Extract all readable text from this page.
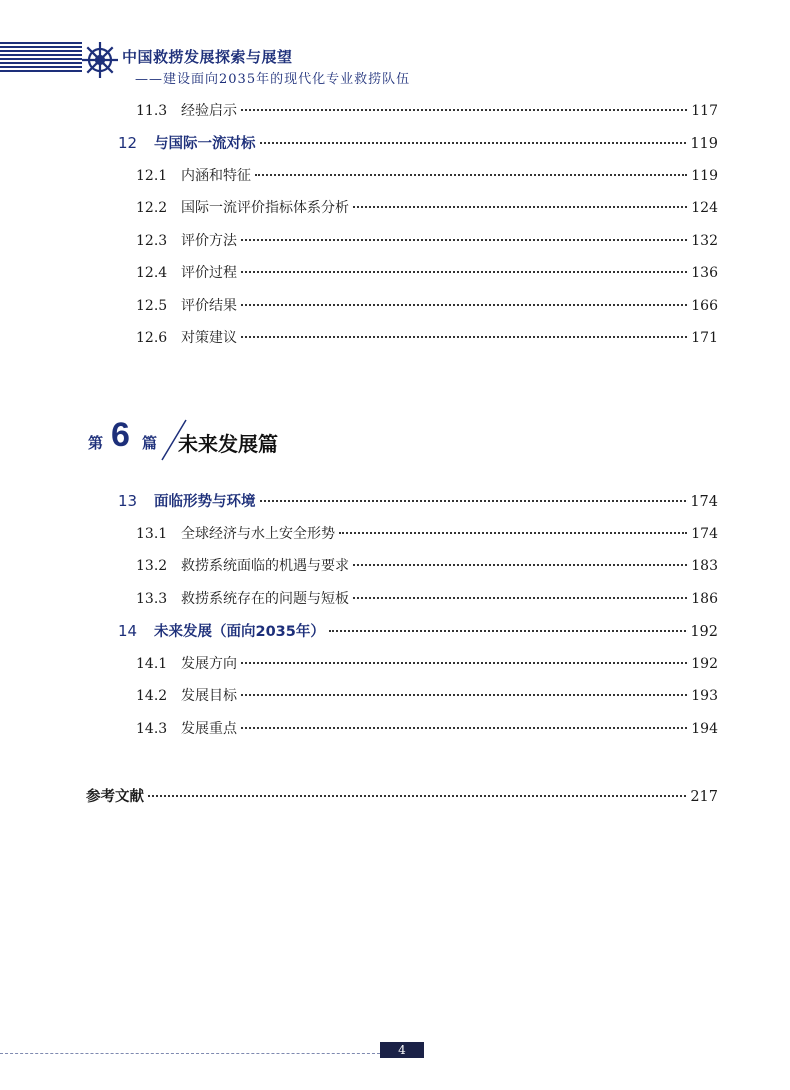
中国救捞发展探索与展望
——建设面向2035年的现代化专业救捞队伍
11.3 经验启示	117
12	与国际一流对标	119
12.1 内涵和特征	119
12.2 国际一流评价指标体系分析	124
12.3 评价方法	132
12.4 评价过程	136
12.5 评价结果	166
12.6 对策建议	171
第 6 篇 未来发展篇
13	面临形势与环境	174
13.1 全球经济与水上安全形势	174
13.2 救捞系统面临的机遇与要求	183
13.3 救捞系统存在的问题与短板	186
14	未来发展（面向2035年）	192
14.1 发展方向	192
14.2 发展目标	193
14.3 发展重点	194
参考文献	217
4
